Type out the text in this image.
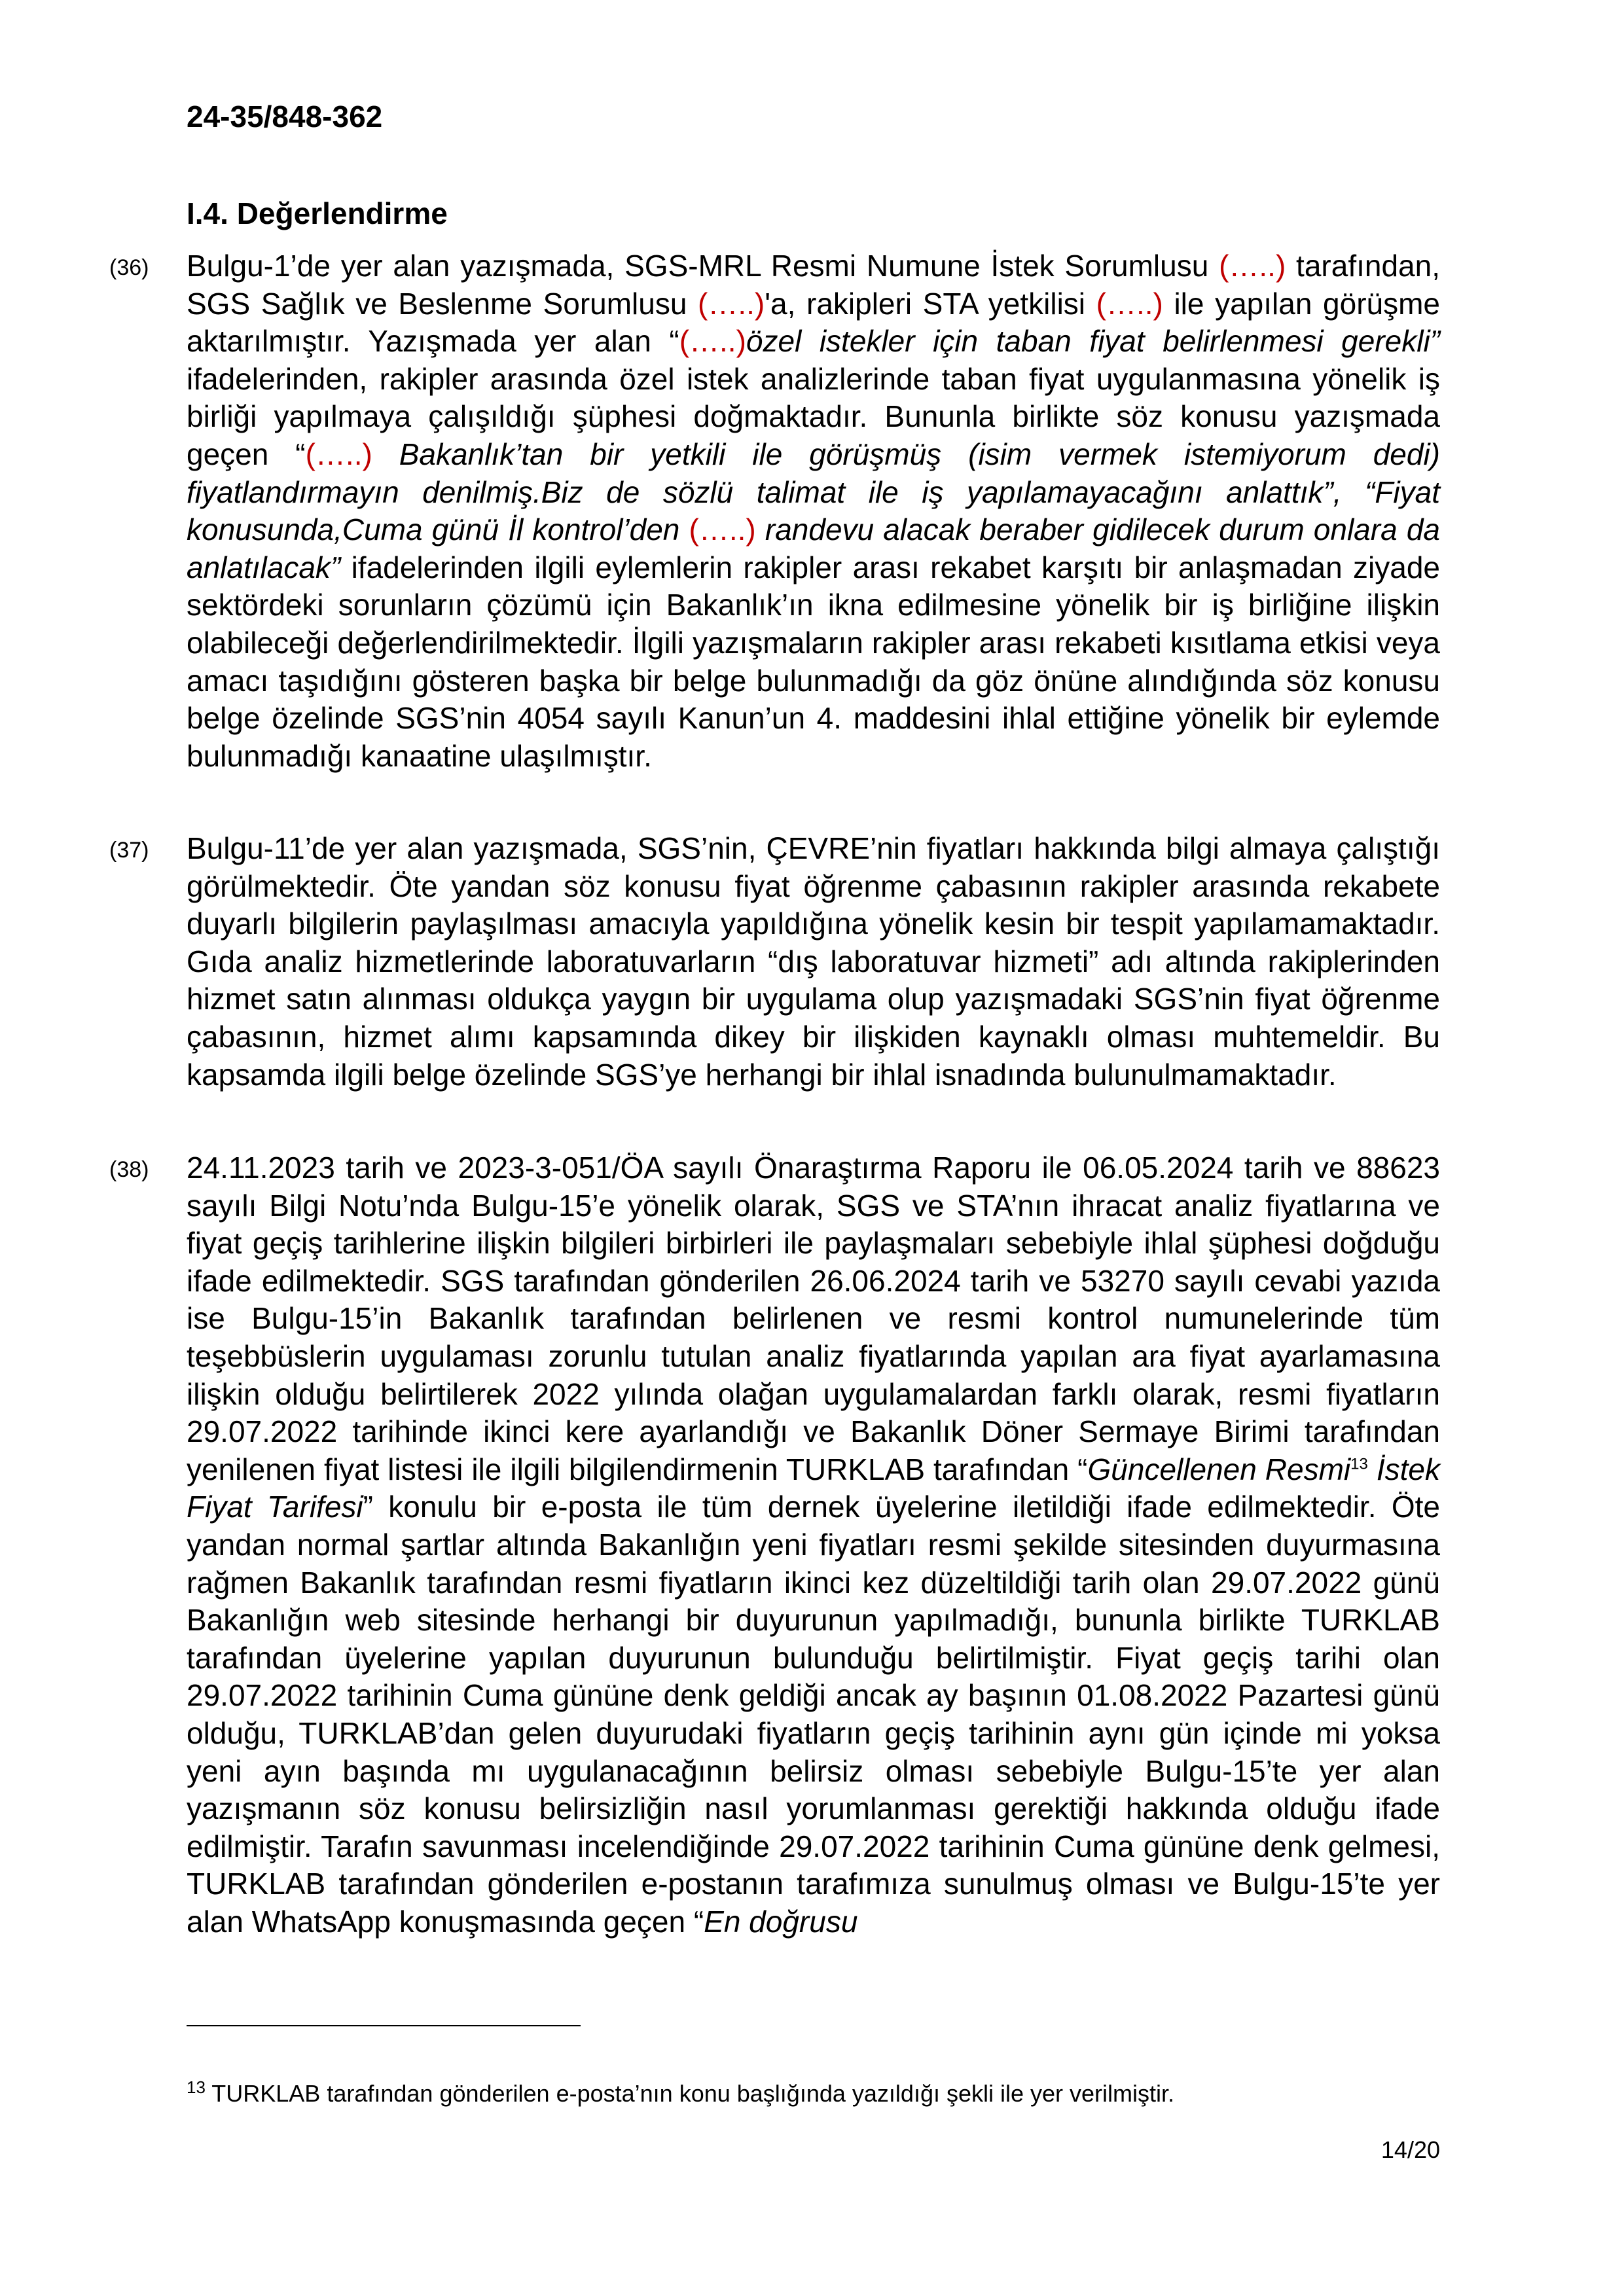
24-35/848-362
I.4. Değerlendirme
(36) Bulgu-1’de yer alan yazışmada, SGS-MRL Resmi Numune İstek Sorumlusu (…..) tarafından, SGS Sağlık ve Beslenme Sorumlusu (…..)'a, rakipleri STA yetkilisi (…..) ile yapılan görüşme aktarılmıştır. Yazışmada yer alan “(…..)özel istekler için taban fiyat belirlenmesi gerekli” ifadelerinden, rakipler arasında özel istek analizlerinde taban fiyat uygulanmasına yönelik iş birliği yapılmaya çalışıldığı şüphesi doğmaktadır. Bununla birlikte söz konusu yazışmada geçen “(…..) Bakanlık’tan bir yetkili ile görüşmüş (isim vermek istemiyorum dedi) fiyatlandırmayın denilmiş.Biz de sözlü talimat ile iş yapılamayacağını anlattık”, “Fiyat konusunda,Cuma günü İl kontrol’den (…..) randevu alacak beraber gidilecek durum onlara da anlatılacak” ifadelerinden ilgili eylemlerin rakipler arası rekabet karşıtı bir anlaşmadan ziyade sektördeki sorunların çözümü için Bakanlık’ın ikna edilmesine yönelik bir iş birliğine ilişkin olabileceği değerlendirilmektedir. İlgili yazışmaların rakipler arası rekabeti kısıtlama etkisi veya amacı taşıdığını gösteren başka bir belge bulunmadığı da göz önüne alındığında söz konusu belge özelinde SGS’nin 4054 sayılı Kanun’un 4. maddesini ihlal ettiğine yönelik bir eylemde bulunmadığı kanaatine ulaşılmıştır.
(37) Bulgu-11’de yer alan yazışmada, SGS’nin, ÇEVRE’nin fiyatları hakkında bilgi almaya çalıştığı görülmektedir. Öte yandan söz konusu fiyat öğrenme çabasının rakipler arasında rekabete duyarlı bilgilerin paylaşılması amacıyla yapıldığına yönelik kesin bir tespit yapılamamaktadır. Gıda analiz hizmetlerinde laboratuvarların “dış laboratuvar hizmeti” adı altında rakiplerinden hizmet satın alınması oldukça yaygın bir uygulama olup yazışmadaki SGS’nin fiyat öğrenme çabasının, hizmet alımı kapsamında dikey bir ilişkiden kaynaklı olması muhtemeldir. Bu kapsamda ilgili belge özelinde SGS’ye herhangi bir ihlal isnadında bulunulmamaktadır.
(38) 24.11.2023 tarih ve 2023-3-051/ÖA sayılı Önaraştırma Raporu ile 06.05.2024 tarih ve 88623 sayılı Bilgi Notu’nda Bulgu-15’e yönelik olarak, SGS ve STA’nın ihracat analiz fiyatlarına ve fiyat geçiş tarihlerine ilişkin bilgileri birbirleri ile paylaşmaları sebebiyle ihlal şüphesi doğduğu ifade edilmektedir. SGS tarafından gönderilen 26.06.2024 tarih ve 53270 sayılı cevabi yazıda ise Bulgu-15’in Bakanlık tarafından belirlenen ve resmi kontrol numunelerinde tüm teşebbüslerin uygulaması zorunlu tutulan analiz fiyatlarında yapılan ara fiyat ayarlamasına ilişkin olduğu belirtilerek 2022 yılında olağan uygulamalardan farklı olarak, resmi fiyatların 29.07.2022 tarihinde ikinci kere ayarlandığı ve Bakanlık Döner Sermaye Birimi tarafından yenilenen fiyat listesi ile ilgili bilgilendirmenin TURKLAB tarafından “Güncellenen Resmi$^{13}$ İstek Fiyat Tarifesi” konulu bir e-posta ile tüm dernek üyelerine iletildiği ifade edilmektedir. Öte yandan normal şartlar altında Bakanlığın yeni fiyatları resmi şekilde sitesinden duyurmasına rağmen Bakanlık tarafından resmi fiyatların ikinci kez düzeltildiği tarih olan 29.07.2022 günü Bakanlığın web sitesinde herhangi bir duyurunun yapılmadığı, bununla birlikte TURKLAB tarafından üyelerine yapılan duyurunun bulunduğu belirtilmiştir. Fiyat geçiş tarihi olan 29.07.2022 tarihinin Cuma gününe denk geldiği ancak ay başının 01.08.2022 Pazartesi günü olduğu, TURKLAB’dan gelen duyurudaki fiyatların geçiş tarihinin aynı gün içinde mi yoksa yeni ayın başında mı uygulanacağının belirsiz olması sebebiyle Bulgu-15’te yer alan yazışmanın söz konusu belirsizliğin nasıl yorumlanması gerektiği hakkında olduğu ifade edilmiştir. Tarafın savunması incelendiğinde 29.07.2022 tarihinin Cuma gününe denk gelmesi, TURKLAB tarafından gönderilen e-postanın tarafımıza sunulmuş olması ve Bulgu-15’te yer alan WhatsApp konuşmasında geçen “En doğrusu
$^{13}$ TURKLAB tarafından gönderilen e-posta’nın konu başlığında yazıldığı şekli ile yer verilmiştir.
14/20
